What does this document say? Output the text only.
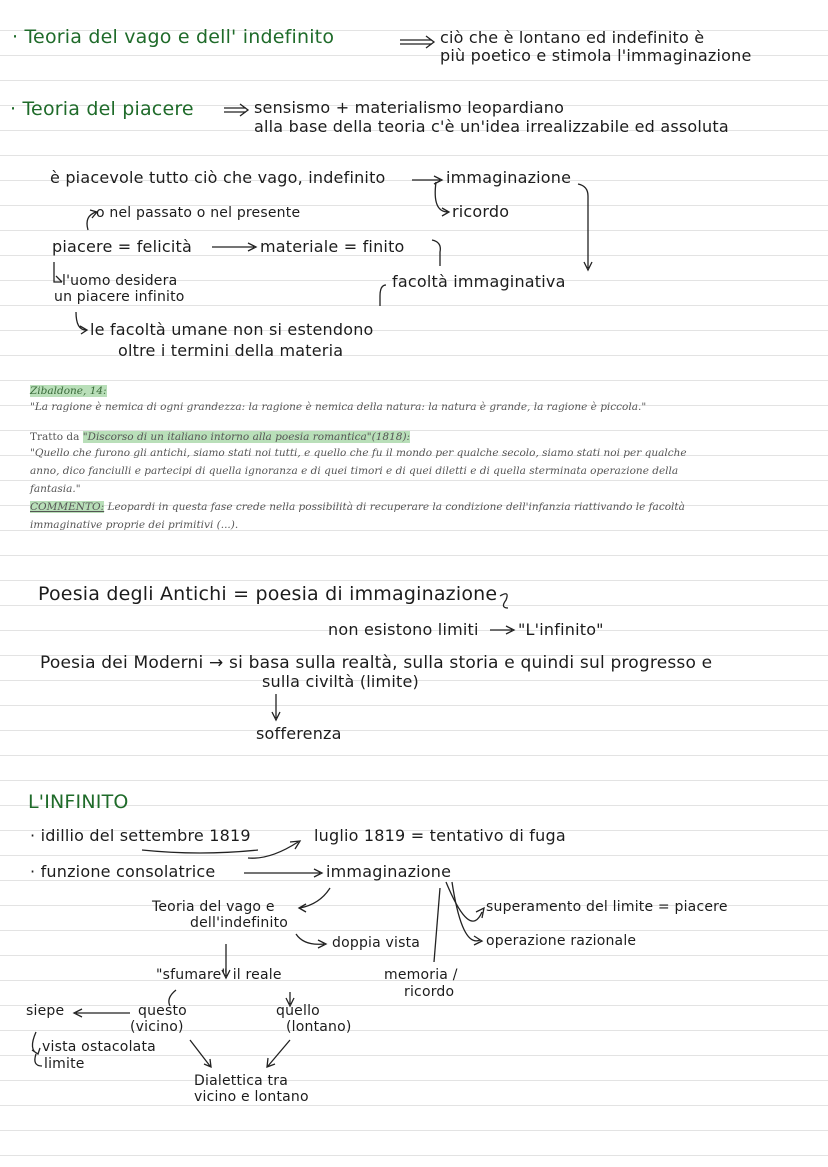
· Teoria del vago e dell' indefinito	ciò che è lontano ed indefinito è
più poetico e stimola l'immaginazione
· Teoria del piacere	sensismo + materialismo leopardiano
alla base della teoria c'è un'idea irrealizzabile ed assoluta
è piacevole tutto ciò che vago, indefinito	immaginazione
ricordo
o nel passato o nel presente
piacere = felicità	materiale = finito
l'uomo desidera
un piacere infinito
facoltà immaginativa
le facoltà umane non si estendono
oltre i termini della materia
Zibaldone, 14:
"La ragione è nemica di ogni grandezza: la ragione è nemica della natura: la natura è grande, la ragione è piccola."
Tratto da "Discorso di un italiano intorno alla poesia romantica"(1818):
"Quello che furono gli antichi, siamo stati noi tutti, e quello che fu il mondo per qualche secolo, siamo stati noi per qualche
anno, dico fanciulli e partecipi di quella ignoranza e di quei timori e di quei diletti e di quella sterminata operazione della
fantasia."
COMMENTO: Leopardi in questa fase crede nella possibilità di recuperare la condizione dell'infanzia riattivando le facoltà
immaginative proprie dei primitivi (...).
Poesia degli Antichi = poesia di immaginazione
non esistono limiti "L'infinito"
Poesia dei Moderni → si basa sulla realtà, sulla storia e quindi sul progresso e
sulla civiltà (limite)
sofferenza
L'INFINITO
· idillio del settembre 1819	luglio 1819 = tentativo di fuga
· funzione consolatrice	immaginazione
Teoria del vago e
dell'indefinito
superamento del limite = piacere
operazione razionale
doppia vista
"sfumare" il reale	memoria /
ricordo
siepe	questo
(vicino)
quello
(lontano)
vista ostacolata
limite
Dialettica tra
vicino e lontano
